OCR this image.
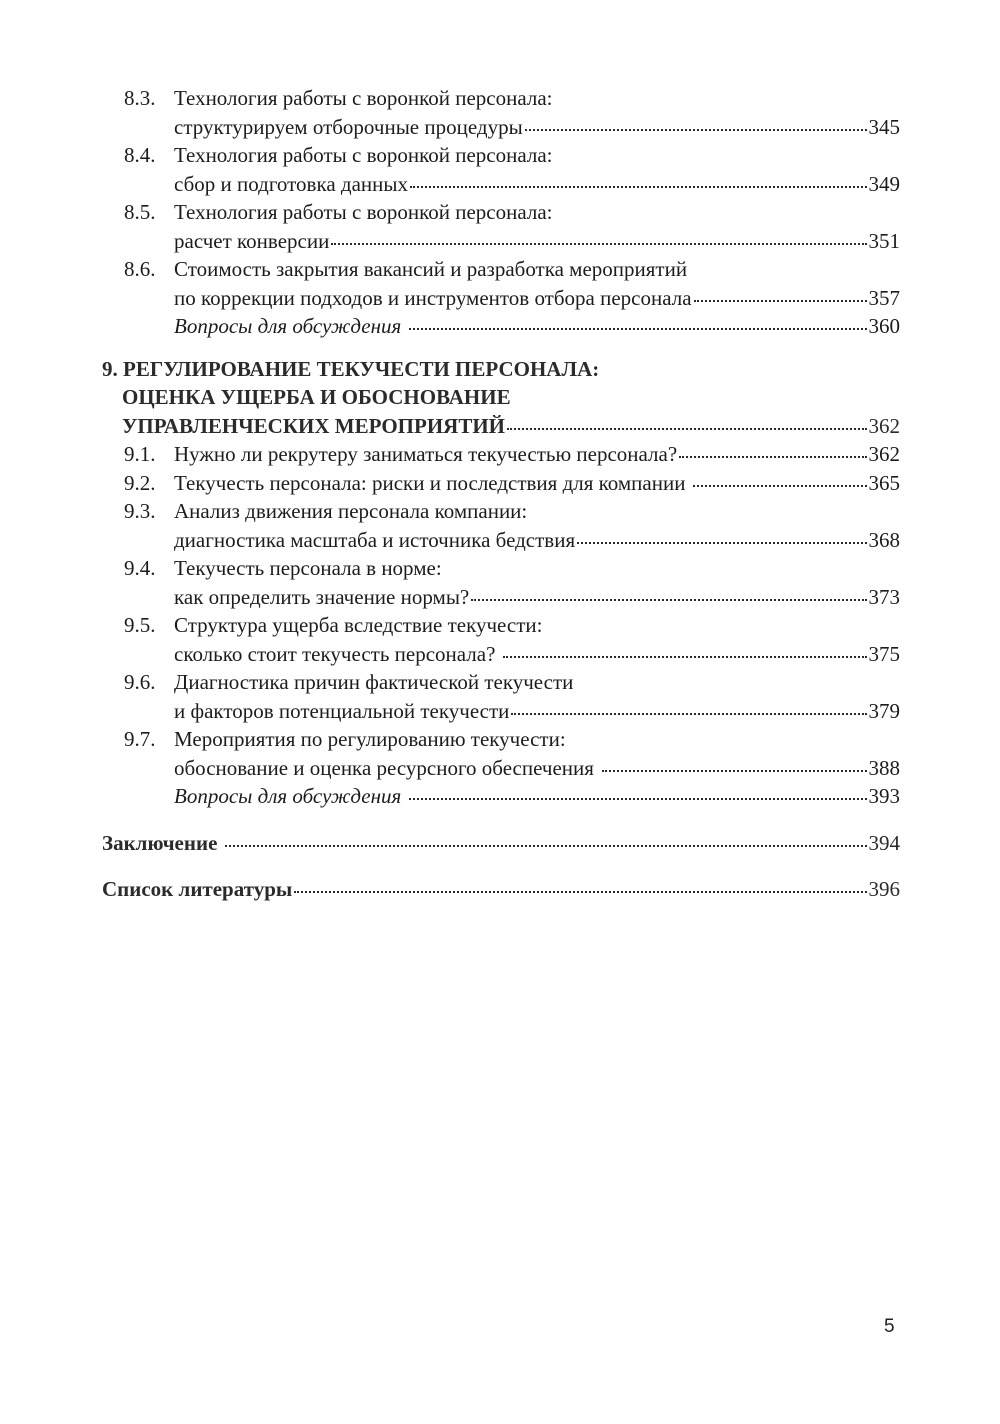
8.3. Технология работы с воронкой персонала:
структурируем отборочные процедуры	345
8.4. Технология работы с воронкой персонала:
сбор и подготовка данных	349
8.5. Технология работы с воронкой персонала:
расчет конверсии	351
8.6. Стоимость закрытия вакансий и разработка мероприятий
по коррекции подходов и инструментов отбора персонала	357
Вопросы для обсуждения	360
9. РЕГУЛИРОВАНИЕ ТЕКУЧЕСТИ ПЕРСОНАЛА:
ОЦЕНКА УЩЕРБА И ОБОСНОВАНИЕ
УПРАВЛЕНЧЕСКИХ МЕРОПРИЯТИЙ	362
9.1. Нужно ли рекрутеру заниматься текучестью персонала?	362
9.2. Текучесть персонала: риски и последствия для компании	365
9.3. Анализ движения персонала компании:
диагностика масштаба и источника бедствия	368
9.4. Текучесть персонала в норме:
как определить значение нормы?	373
9.5. Структура ущерба вследствие текучести:
сколько стоит текучесть персонала?	375
9.6. Диагностика причин фактической текучести
и факторов потенциальной текучести	379
9.7. Мероприятия по регулированию текучести:
обоснование и оценка ресурсного обеспечения	388
Вопросы для обсуждения	393
Заключение	394
Список литературы	396
5
